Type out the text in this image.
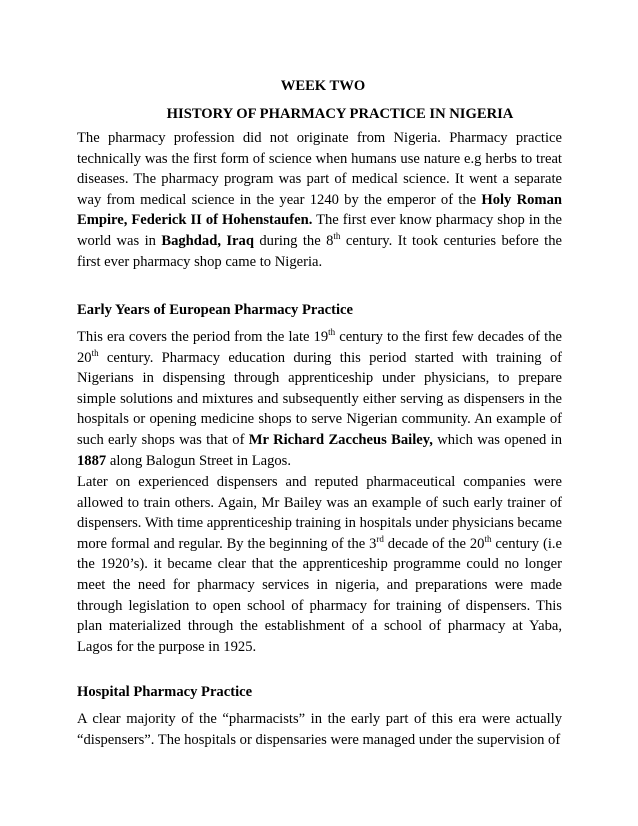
WEEK TWO
HISTORY OF PHARMACY PRACTICE IN NIGERIA

The pharmacy profession did not originate from Nigeria. Pharmacy practice technically was the first form of science when humans use nature e.g herbs to treat diseases. The pharmacy program was part of medical science. It went a separate way from medical science in the year 1240 by the emperor of the Holy Roman Empire, Federick II of Hohenstaufen. The first ever know pharmacy shop in the world was in Baghdad, Iraq during the 8th century. It took centuries before the first ever pharmacy shop came to Nigeria.

Early Years of European Pharmacy Practice

This era covers the period from the late 19th century to the first few decades of the 20th century. Pharmacy education during this period started with training of Nigerians in dispensing through apprenticeship under physicians, to prepare simple solutions and mixtures and subsequently either serving as dispensers in the hospitals or opening medicine shops to serve Nigerian community. An example of such early shops was that of Mr Richard Zaccheus Bailey, which was opened in 1887 along Balogun Street in Lagos.

Later on experienced dispensers and reputed pharmaceutical companies were allowed to train others. Again, Mr Bailey was an example of such early trainer of dispensers. With time apprenticeship training in hospitals under physicians became more formal and regular. By the beginning of the 3rd decade of the 20th century (i.e the 1920’s). it became clear that the apprenticeship programme could no longer meet the need for pharmacy services in nigeria, and preparations were made through legislation to open school of pharmacy for training of dispensers. This plan materialized through the establishment of a school of pharmacy at Yaba, Lagos for the purpose in 1925.

Hospital Pharmacy Practice

A clear majority of the “pharmacists” in the early part of this era were actually “dispensers”. The hospitals or dispensaries were managed under the supervision of
